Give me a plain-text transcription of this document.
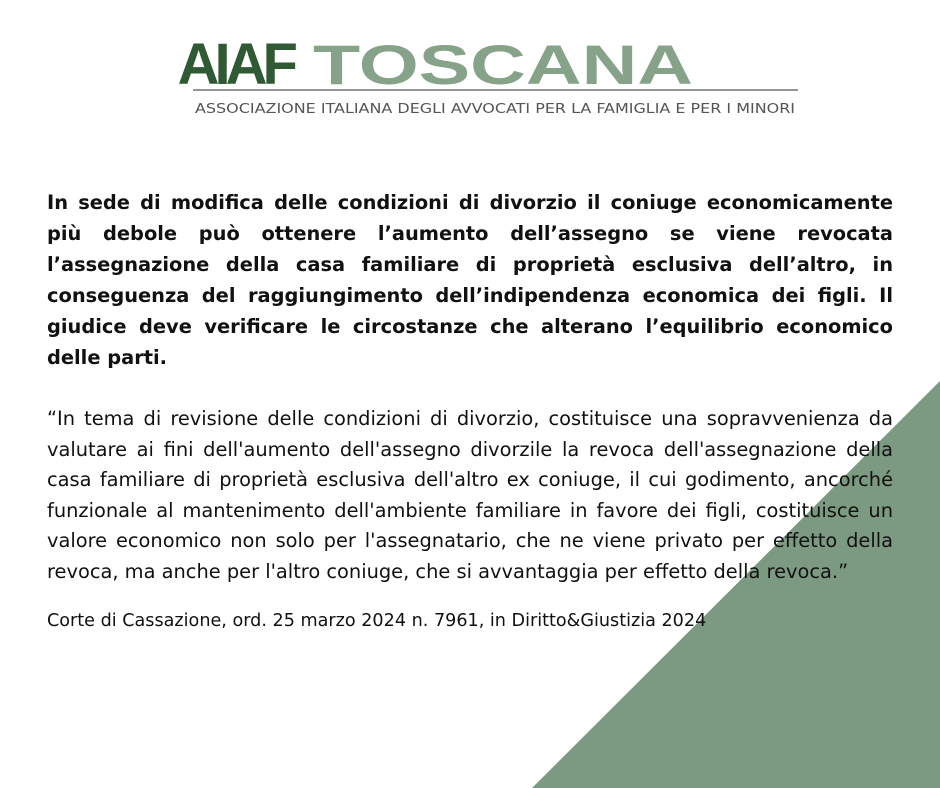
AIAF TOSCANA
ASSOCIAZIONE ITALIANA DEGLI AVVOCATI PER LA FAMIGLIA E PER I MINORI

In sede di modifica delle condizioni di divorzio il coniuge economicamente più debole può ottenere l’aumento dell’assegno se viene revocata l’assegnazione della casa familiare di proprietà esclusiva dell’altro, in conseguenza del raggiungimento dell’indipendenza economica dei figli. Il giudice deve verificare le circostanze che alterano l’equilibrio economico delle parti.

“In tema di revisione delle condizioni di divorzio, costituisce una sopravvenienza da valutare ai fini dell'aumento dell'assegno divorzile la revoca dell'assegnazione della casa familiare di proprietà esclusiva dell'altro ex coniuge, il cui godimento, ancorché funzionale al mantenimento dell'ambiente familiare in favore dei figli, costituisce un valore economico non solo per l'assegnatario, che ne viene privato per effetto della revoca, ma anche per l'altro coniuge, che si avvantaggia per effetto della revoca.”

Corte di Cassazione, ord. 25 marzo 2024 n. 7961, in Diritto&Giustizia 2024
